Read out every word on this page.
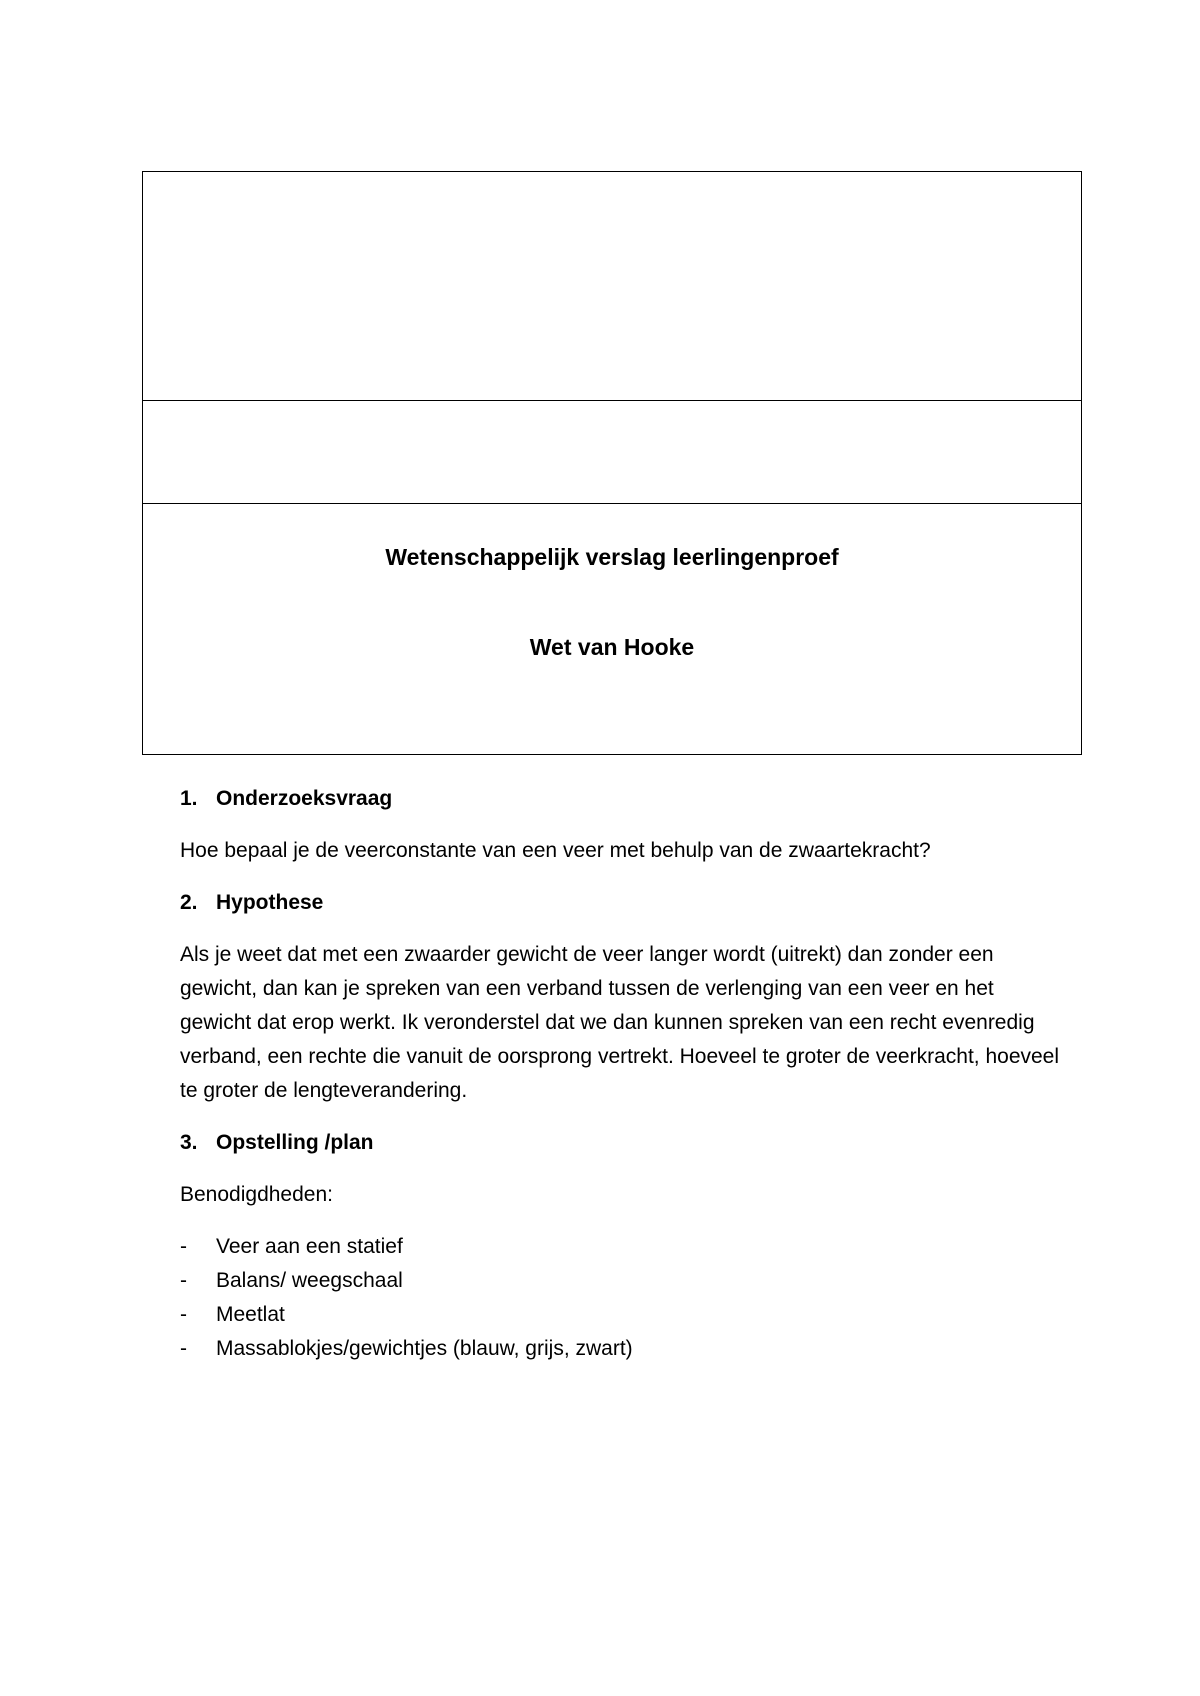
Wetenschappelijk verslag leerlingenproef
Wet van Hooke
1. Onderzoeksvraag

Hoe bepaal je de veerconstante van een veer met behulp van de zwaartekracht?

2. Hypothese

Als je weet dat met een zwaarder gewicht de veer langer wordt (uitrekt) dan zonder een gewicht, dan kan je spreken van een verband tussen de verlenging van een veer en het gewicht dat erop werkt. Ik veronderstel dat we dan kunnen spreken van een recht evenredig verband, een rechte die vanuit de oorsprong vertrekt. Hoeveel te groter de veerkracht, hoeveel te groter de lengteverandering.

3. Opstelling /plan

Benodigdheden:

-	Veer aan een statief
-	Balans/ weegschaal
-	Meetlat
-	Massablokjes/gewichtjes (blauw, grijs, zwart)
